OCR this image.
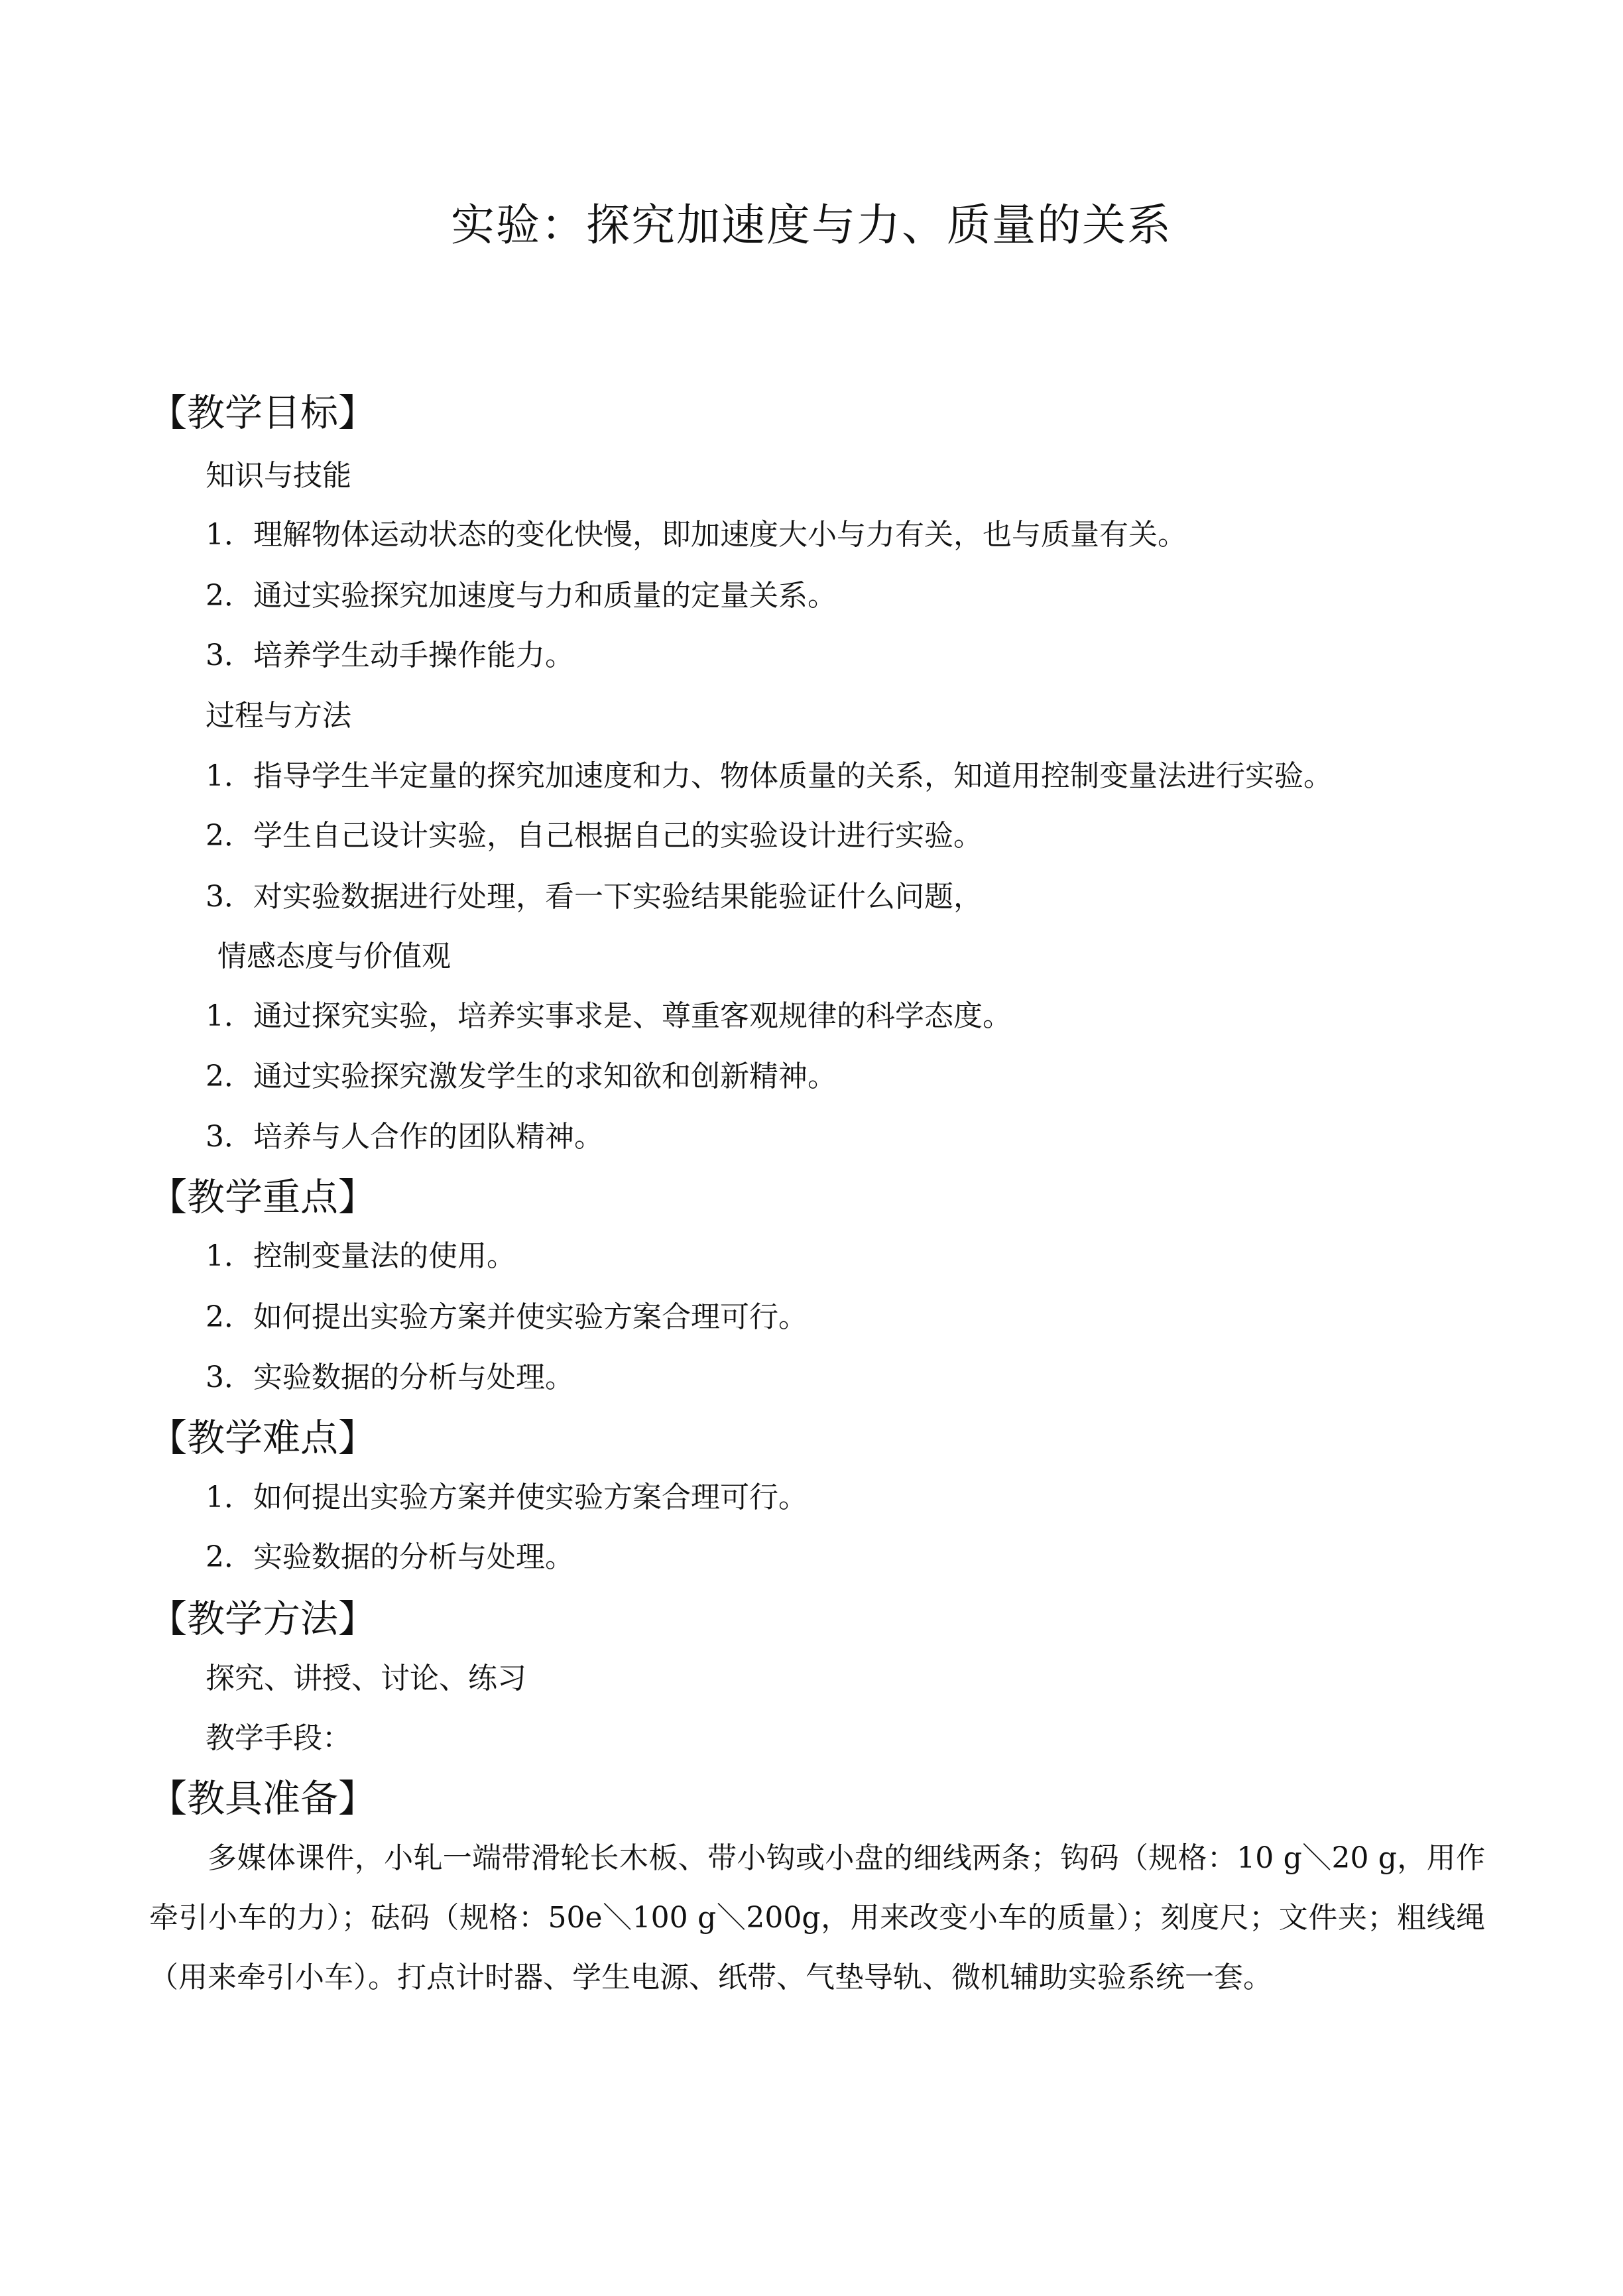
实验：探究加速度与力、质量的关系
【教学目标】
知识与技能
1．理解物体运动状态的变化快慢，即加速度大小与力有关，也与质量有关。
2．通过实验探究加速度与力和质量的定量关系。
3．培养学生动手操作能力。
过程与方法
1．指导学生半定量的探究加速度和力、物体质量的关系，知道用控制变量法进行实验。
2．学生自己设计实验，自己根据自己的实验设计进行实验。
3．对实验数据进行处理，看一下实验结果能验证什么问题，
情感态度与价值观
1．通过探究实验，培养实事求是、尊重客观规律的科学态度。
2．通过实验探究激发学生的求知欲和创新精神。
3．培养与人合作的团队精神。
【教学重点】
1．控制变量法的使用。
2．如何提出实验方案并使实验方案合理可行。
3．实验数据的分析与处理。
【教学难点】
1．如何提出实验方案并使实验方案合理可行。
2．实验数据的分析与处理。
【教学方法】
探究、讲授、讨论、练习
教学手段：
【教具准备】
多媒体课件，小轧一端带滑轮长木板、带小钩或小盘的细线两条；钩码（规格：10 g＼20 g，用作牵引小车的力）；砝码（规格：50e＼100 g＼200g，用来改变小车的质量）；刻度尺；文件夹；粗线绳（用来牵引小车）。打点计时器、学生电源、纸带、气垫导轨、微机辅助实验系统一套。
